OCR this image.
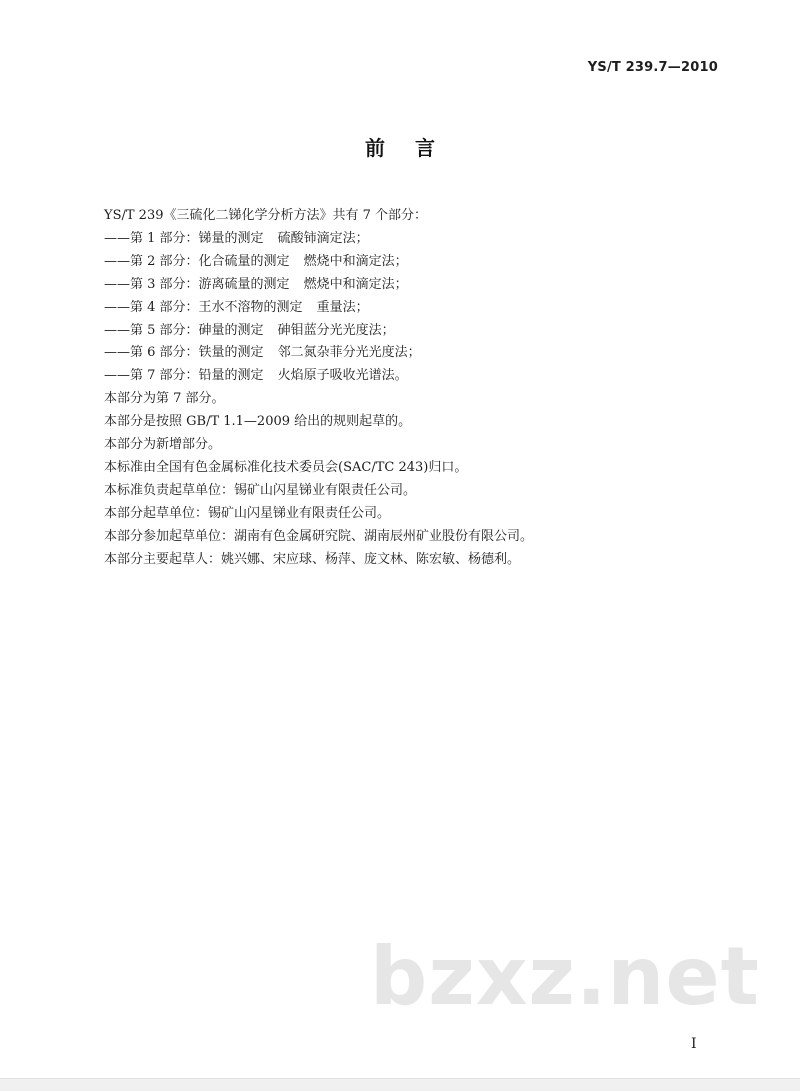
YS/T 239.7—2010
前言
YS/T 239《三硫化二锑化学分析方法》共有 7 个部分：
——第 1 部分：锑量的测定 硫酸铈滴定法；
——第 2 部分：化合硫量的测定 燃烧中和滴定法；
——第 3 部分：游离硫量的测定 燃烧中和滴定法；
——第 4 部分：王水不溶物的测定 重量法；
——第 5 部分：砷量的测定 砷钼蓝分光光度法；
——第 6 部分：铁量的测定 邻二氮杂菲分光光度法；
——第 7 部分：铅量的测定 火焰原子吸收光谱法。
本部分为第 7 部分。
本部分是按照 GB/T 1.1—2009 给出的规则起草的。
本部分为新增部分。
本标准由全国有色金属标准化技术委员会(SAC/TC 243)归口。
本标准负责起草单位：锡矿山闪星锑业有限责任公司。
本部分起草单位：锡矿山闪星锑业有限责任公司。
本部分参加起草单位：湖南有色金属研究院、湖南辰州矿业股份有限公司。
本部分主要起草人：姚兴娜、宋应球、杨萍、庞文林、陈宏敏、杨德利。
bzxz.net
I
